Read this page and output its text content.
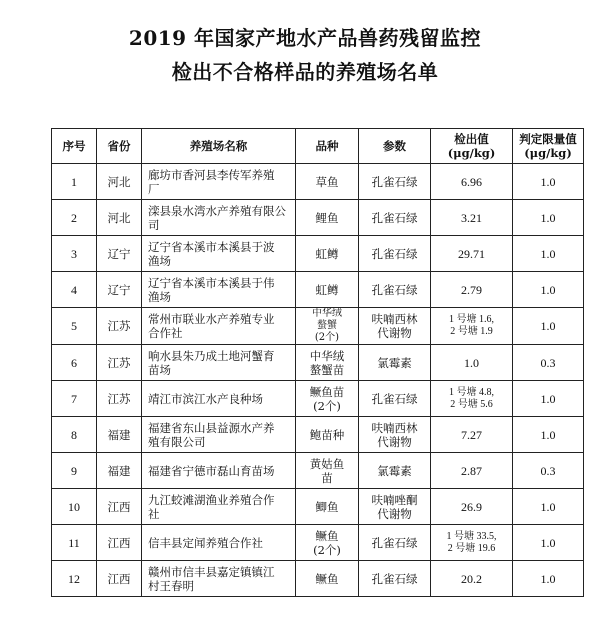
2019 年国家产地水产品兽药残留监控
检出不合格样品的养殖场名单
序号	省份	养殖场名称	品种	参数	检出值
(μg/kg)	判定限量值
(μg/kg)

1	河北	廊坊市香河县李传军养殖
厂	草鱼	孔雀石绿	6.96	1.0

2	河北	滦县泉水湾水产养殖有限公司	鲤鱼	孔雀石绿	3.21	1.0

3	辽宁	辽宁省本溪市本溪县于波
渔场	虹鳟	孔雀石绿	29.71	1.0

4	辽宁	辽宁省本溪市本溪县于伟
渔场	虹鳟	孔雀石绿	2.79	1.0

5	江苏	常州市联业水产养殖专业
合作社	中华绒
螯蟹
(2个)	呋喃西林
代谢物	1 号塘 1.6,
2 号塘 1.9	1.0

6	江苏	响水县朱乃成土地河蟹育
苗场	中华绒
螯蟹苗	氯霉素	1.0	0.3

7	江苏	靖江市滨江水产良种场	鳜鱼苗
(2个)	孔雀石绿	1 号塘 4.8,
2 号塘 5.6	1.0

8	福建	福建省东山县益源水产养
殖有限公司	鲍苗种	呋喃西林
代谢物	7.27	1.0

9	福建	福建省宁德市磊山育苗场	黄姑鱼
苗	氯霉素	2.87	0.3

10	江西	九江蛟滩湖渔业养殖合作
社	鲫鱼	呋喃唑酮
代谢物	26.9	1.0

11	江西	信丰县定闻养殖合作社	鳜鱼
(2个)	孔雀石绿	1 号塘 33.5,
2 号塘 19.6	1.0

12	江西	赣州市信丰县嘉定镇镇江
村王春明	鳜鱼	孔雀石绿	20.2	1.0
